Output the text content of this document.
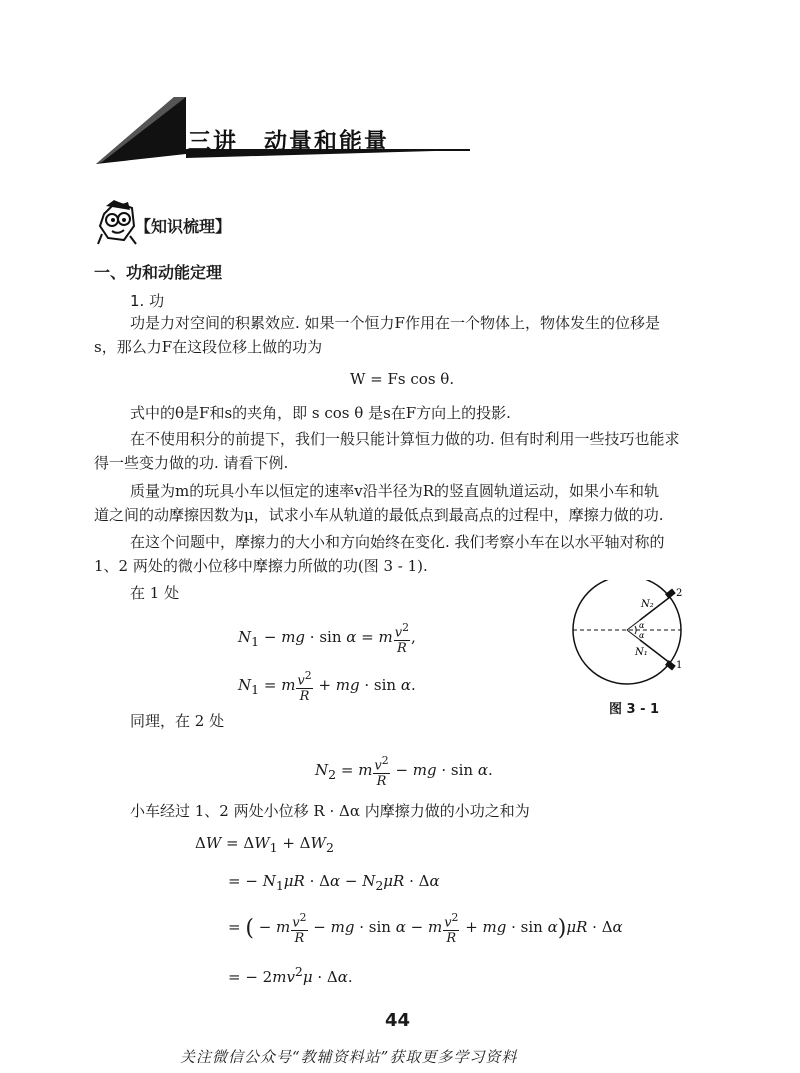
第三讲 动量和能量
【知识梳理】
一、功和动能定理
1. 功
功是力对空间的积累效应. 如果一个恒力F作用在一个物体上，物体发生的位移是
s，那么力F在这段位移上做的功为
W = Fs cos θ.
式中的θ是F和s的夹角，即 s cos θ 是s在F方向上的投影.
在不使用积分的前提下，我们一般只能计算恒力做的功. 但有时利用一些技巧也能求
得一些变力做的功. 请看下例.
质量为m的玩具小车以恒定的速率v沿半径为R的竖直圆轨道运动，如果小车和轨
道之间的动摩擦因数为μ，试求小车从轨道的最低点到最高点的过程中，摩擦力做的功.
在这个问题中，摩擦力的大小和方向始终在变化. 我们考察小车在以水平轴对称的
1、2 两处的微小位移中摩擦力所做的功(图 3 - 1).
在 1 处
$N_1$ − mg · sin α = m $\frac{v^2}{R}$ ,
$N_1 = m \frac{v^2}{R}$ + mg · sin α.
同理，在 2 处
$N_2 = m \frac{v^2}{R}$ − mg · sin α.
小车经过 1、2 两处小位移 R · Δα 内摩擦力做的小功之和为
$\Delta W = \Delta W_1 + \Delta W_2$
= − $N_1\mu R \cdot \Delta\alpha - N_2\mu R \cdot \Delta\alpha$
= ( − m $\frac{v^2}{R}$ − mg · sin α − m $\frac{v^2}{R}$ + mg · sin α)μR · Δα
= − $2mv^2\mu \cdot \Delta\alpha$.
N₂
N₁
α
α
2
1
图 3 - 1
44
关注微信公众号“教辅资料站”获取更多学习资料
